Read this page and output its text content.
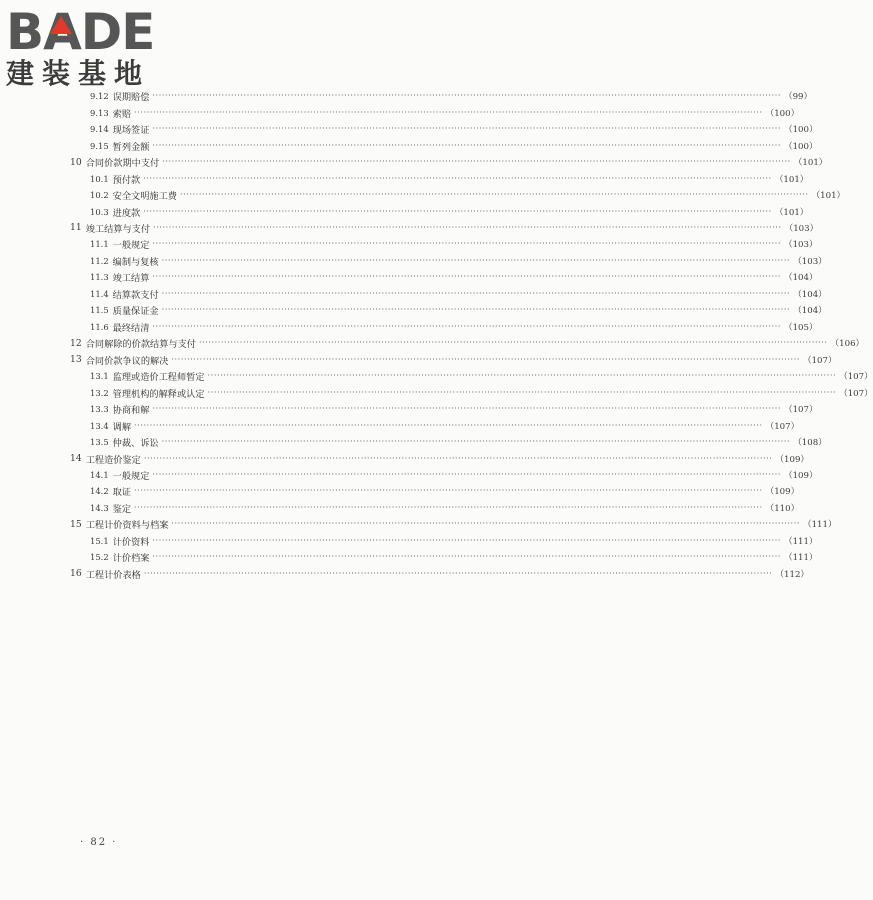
BADE
建装基地
9.12 误期赔偿 ········································································································································································································ （99）
9.13 索赔 ········································································································································································································ （100）
9.14 现场签证 ········································································································································································································ （100）
9.15 暂列金额 ········································································································································································································ （100）
10 合同价款期中支付 ········································································································································································································ （101）
10.1 预付款 ········································································································································································································ （101）
10.2 安全文明施工费 ········································································································································································································ （101）
10.3 进度款 ········································································································································································································ （101）
11 竣工结算与支付 ········································································································································································································ （103）
11.1 一般规定 ········································································································································································································ （103）
11.2 编制与复核 ········································································································································································································ （103）
11.3 竣工结算 ········································································································································································································ （104）
11.4 结算款支付 ········································································································································································································ （104）
11.5 质量保证金 ········································································································································································································ （104）
11.6 最终结清 ········································································································································································································ （105）
12 合同解除的价款结算与支付 ········································································································································································································ （106）
13 合同价款争议的解决 ········································································································································································································ （107）
13.1 监理或造价工程师暂定 ········································································································································································································ （107）
13.2 管理机构的解释或认定 ········································································································································································································ （107）
13.3 协商和解 ········································································································································································································ （107）
13.4 调解 ········································································································································································································ （107）
13.5 仲裁、诉讼 ········································································································································································································ （108）
14 工程造价鉴定 ········································································································································································································ （109）
14.1 一般规定 ········································································································································································································ （109）
14.2 取证 ········································································································································································································ （109）
14.3 鉴定 ········································································································································································································ （110）
15 工程计价资料与档案 ········································································································································································································ （111）
15.1 计价资料 ········································································································································································································ （111）
15.2 计价档案 ········································································································································································································ （111）
16 工程计价表格 ········································································································································································································ （112）
· 82 ·
